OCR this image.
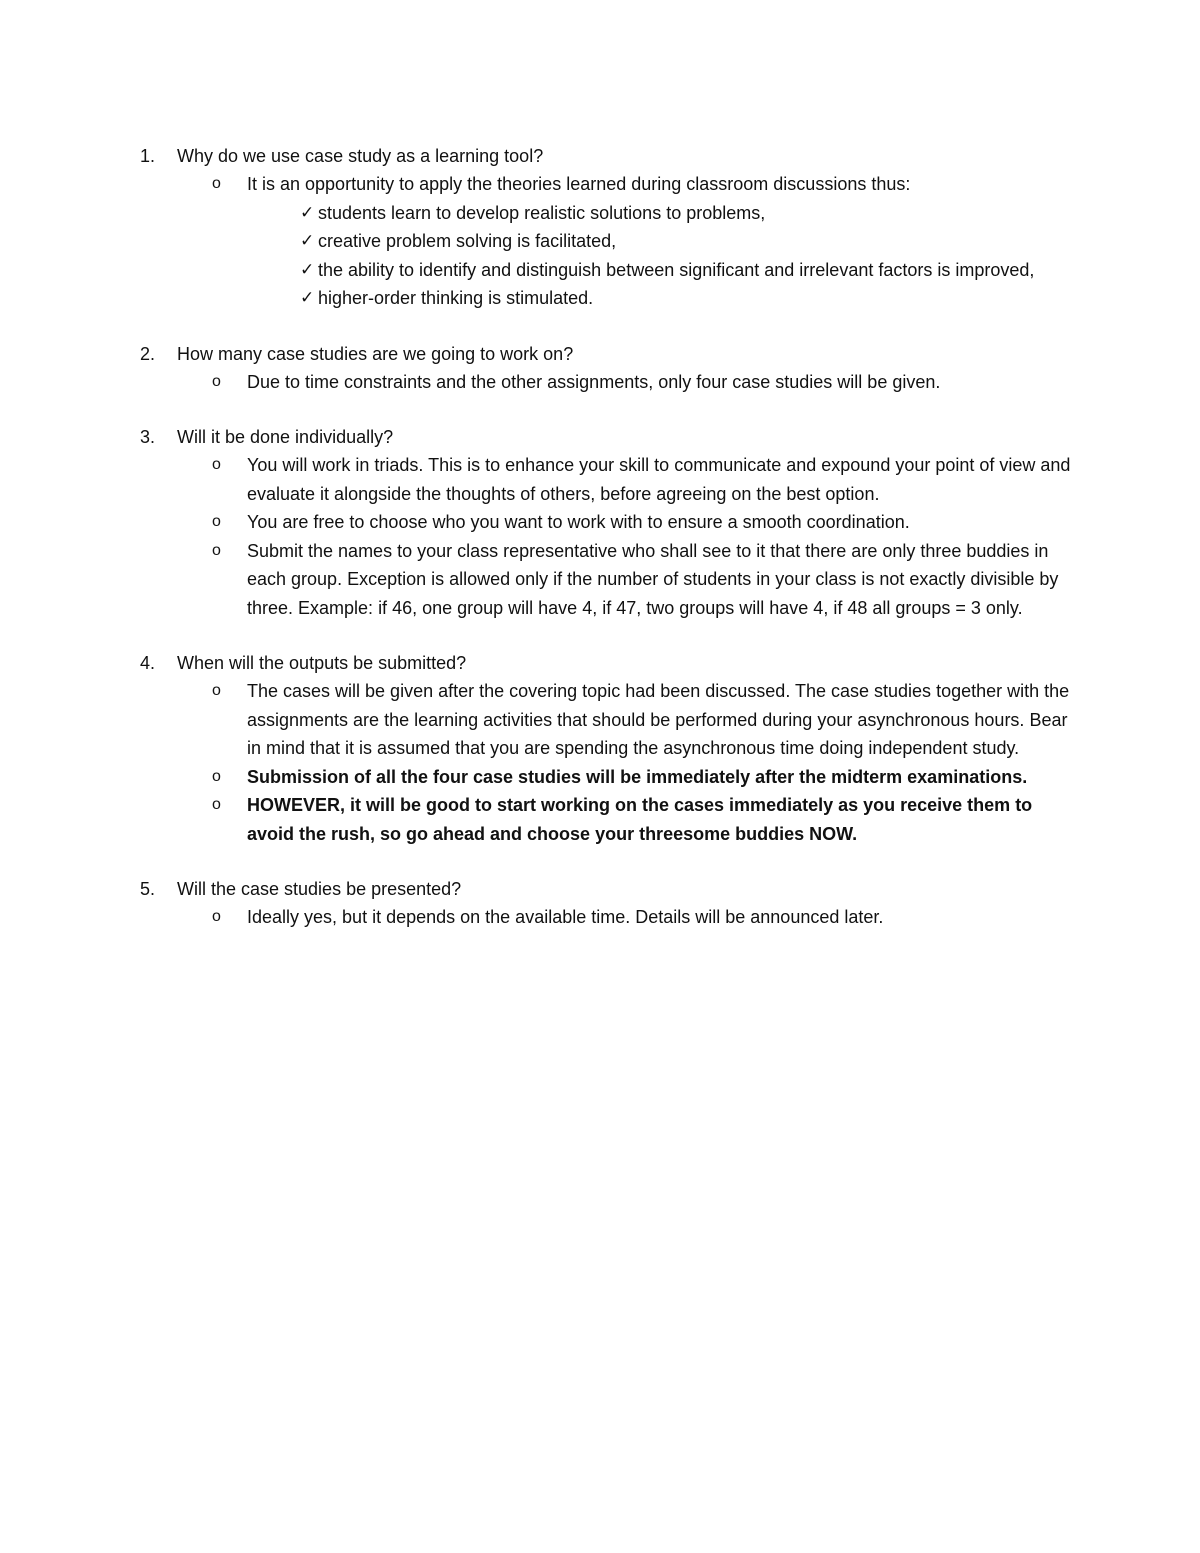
1. Why do we use case study as a learning tool?
o It is an opportunity to apply the theories learned during classroom discussions thus:
✓ students learn to develop realistic solutions to problems,
✓ creative problem solving is facilitated,
✓ the ability to identify and distinguish between significant and irrelevant factors is improved,
✓ higher-order thinking is stimulated.
2. How many case studies are we going to work on?
o Due to time constraints and the other assignments, only four case studies will be given.
3. Will it be done individually?
o You will work in triads. This is to enhance your skill to communicate and expound your point of view and evaluate it alongside the thoughts of others, before agreeing on the best option.
o You are free to choose who you want to work with to ensure a smooth coordination.
o Submit the names to your class representative who shall see to it that there are only three buddies in each group. Exception is allowed only if the number of students in your class is not exactly divisible by three. Example: if 46, one group will have 4, if 47, two groups will have 4, if 48 all groups = 3 only.
4. When will the outputs be submitted?
o The cases will be given after the covering topic had been discussed. The case studies together with the assignments are the learning activities that should be performed during your asynchronous hours. Bear in mind that it is assumed that you are spending the asynchronous time doing independent study.
o Submission of all the four case studies will be immediately after the midterm examinations.
o HOWEVER, it will be good to start working on the cases immediately as you receive them to avoid the rush, so go ahead and choose your threesome buddies NOW.
5. Will the case studies be presented?
o Ideally yes, but it depends on the available time. Details will be announced later.
